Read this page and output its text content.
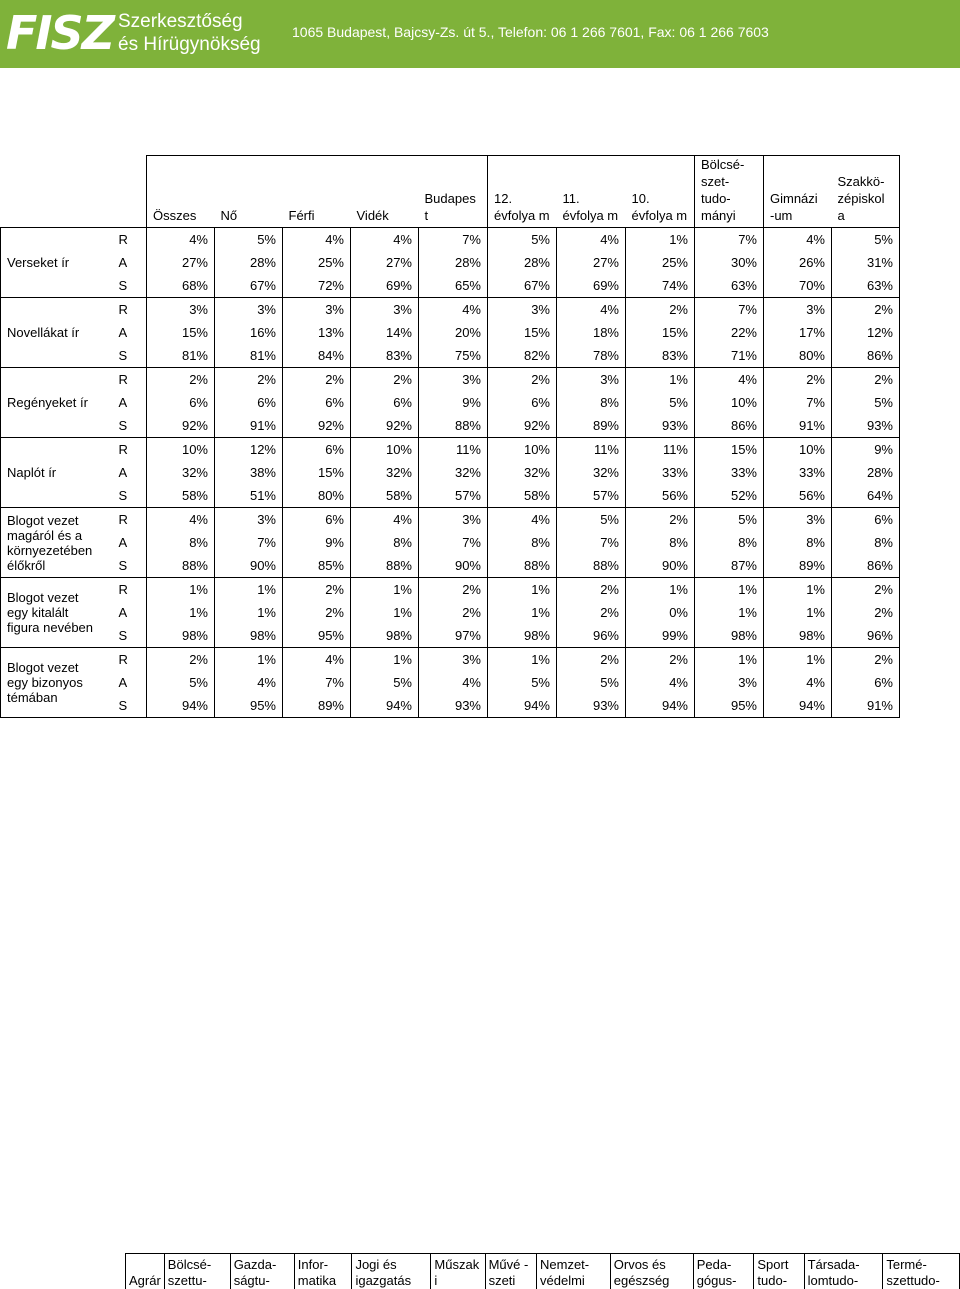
FISZ Szerkesztőség
és Hírügynökség
1065 Budapest, Bajcsy-Zs. út 5., Telefon: 06 1 266 7601, Fax: 06 1 266 7603
		Összes	Nő	Férfi	Vidék	Budapes t	12. évfolya m	11. évfolya m	10. évfolya m	Bölcsé- szet- tudo- mányi	Gimnázi -um	Szakkö- zépiskol a
Verseket ír	R	4%	5%	4%	4%	7%	5%	4%	1%	7%	4%	5%
	A	27%	28%	25%	27%	28%	28%	27%	25%	30%	26%	31%
	S	68%	67%	72%	69%	65%	67%	69%	74%	63%	70%	63%
Novellákat ír	R	3%	3%	3%	3%	4%	3%	4%	2%	7%	3%	2%
	A	15%	16%	13%	14%	20%	15%	18%	15%	22%	17%	12%
	S	81%	81%	84%	83%	75%	82%	78%	83%	71%	80%	86%
Regényeket ír	R	2%	2%	2%	2%	3%	2%	3%	1%	4%	2%	2%
	A	6%	6%	6%	6%	9%	6%	8%	5%	10%	7%	5%
	S	92%	91%	92%	92%	88%	92%	89%	93%	86%	91%	93%
Naplót ír	R	10%	12%	6%	10%	11%	10%	11%	11%	15%	10%	9%
	A	32%	38%	15%	32%	32%	32%	32%	33%	33%	33%	28%
	S	58%	51%	80%	58%	57%	58%	57%	56%	52%	56%	64%
Blogot vezet magáról és a környezetében élőkről	R	4%	3%	6%	4%	3%	4%	5%	2%	5%	3%	6%
	A	8%	7%	9%	8%	7%	8%	7%	8%	8%	8%	8%
	S	88%	90%	85%	88%	90%	88%	88%	90%	87%	89%	86%
Blogot vezet egy kitalált figura nevében	R	1%	1%	2%	1%	2%	1%	2%	1%	1%	1%	2%
	A	1%	1%	2%	1%	2%	1%	2%	0%	1%	1%	2%
	S	98%	98%	95%	98%	97%	98%	96%	99%	98%	98%	96%
Blogot vezet egy bizonyos témában	R	2%	1%	4%	1%	3%	1%	2%	2%	1%	1%	2%
	A	5%	4%	7%	5%	4%	5%	5%	4%	3%	4%	6%
	S	94%	95%	89%	94%	93%	94%	93%	94%	95%	94%	91%
Agrár	Bölcsé- szettu-	Gazda- ságtu-	Infor- matika	Jogi és igazgatás	Műszak i	Művé -szeti	Nemzet- védelmi	Orvos és egészség	Peda- gógus-	Sport tudo-	Társada- lomtudo-	Termé- szettudo-
